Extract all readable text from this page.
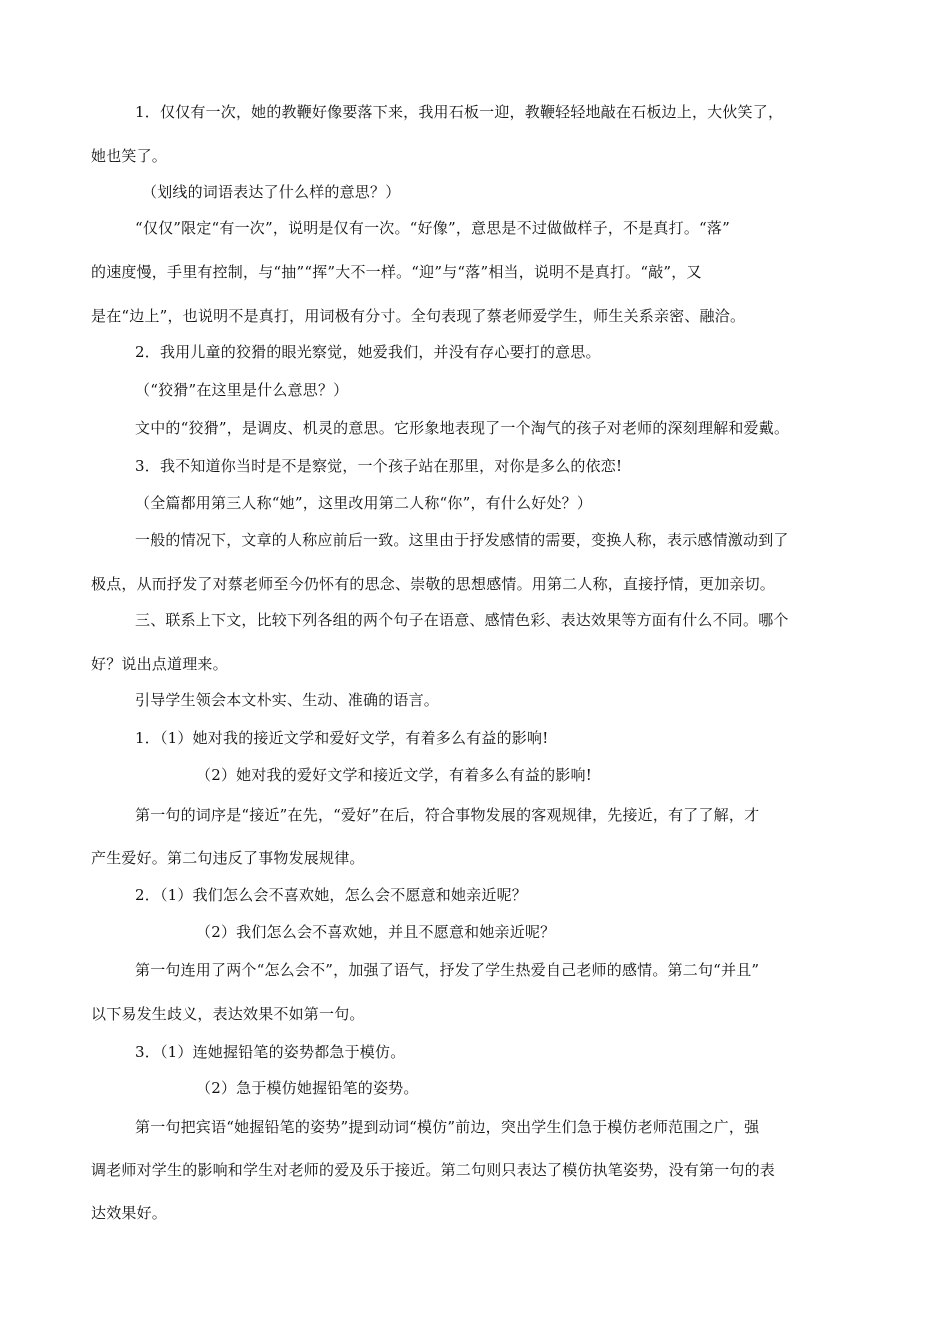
1．仅仅有一次，她的教鞭好像要落下来，我用石板一迎，教鞭轻轻地敲在石板边上，大伙笑了，
她也笑了。
（划线的词语表达了什么样的意思？）
“仅仅”限定“有一次”，说明是仅有一次。“好像”，意思是不过做做样子，不是真打。“落”
的速度慢，手里有控制，与“抽”“挥”大不一样。“迎”与“落”相当，说明不是真打。“敲”，又
是在“边上”，也说明不是真打，用词极有分寸。全句表现了蔡老师爱学生，师生关系亲密、融洽。
2．我用儿童的狡猾的眼光察觉，她爱我们，并没有存心要打的意思。
（“狡猾”在这里是什么意思？）
文中的“狡猾”，是调皮、机灵的意思。它形象地表现了一个淘气的孩子对老师的深刻理解和爱戴。
3．我不知道你当时是不是察觉，一个孩子站在那里，对你是多么的依恋!
（全篇都用第三人称“她”，这里改用第二人称“你”，有什么好处？）
一般的情况下，文章的人称应前后一致。这里由于抒发感情的需要，变换人称，表示感情激动到了
极点，从而抒发了对蔡老师至今仍怀有的思念、崇敬的思想感情。用第二人称，直接抒情，更加亲切。
三、联系上下文，比较下列各组的两个句子在语意、感情色彩、表达效果等方面有什么不同。哪个
好？说出点道理来。
引导学生领会本文朴实、生动、准确的语言。
1．（1）她对我的接近文学和爱好文学，有着多么有益的影响!
（2）她对我的爱好文学和接近文学，有着多么有益的影响!
第一句的词序是“接近”在先，“爱好”在后，符合事物发展的客观规律，先接近，有了了解，才
产生爱好。第二句违反了事物发展规律。
2．（1）我们怎么会不喜欢她，怎么会不愿意和她亲近呢？
（2）我们怎么会不喜欢她，并且不愿意和她亲近呢？
第一句连用了两个“怎么会不”，加强了语气，抒发了学生热爱自己老师的感情。第二句“并且”
以下易发生歧义，表达效果不如第一句。
3．（1）连她握铅笔的姿势都急于模仿。
（2）急于模仿她握铅笔的姿势。
第一句把宾语“她握铅笔的姿势”提到动词“模仿”前边，突出学生们急于模仿老师范围之广，强
调老师对学生的影响和学生对老师的爱及乐于接近。第二句则只表达了模仿执笔姿势，没有第一句的表
达效果好。
